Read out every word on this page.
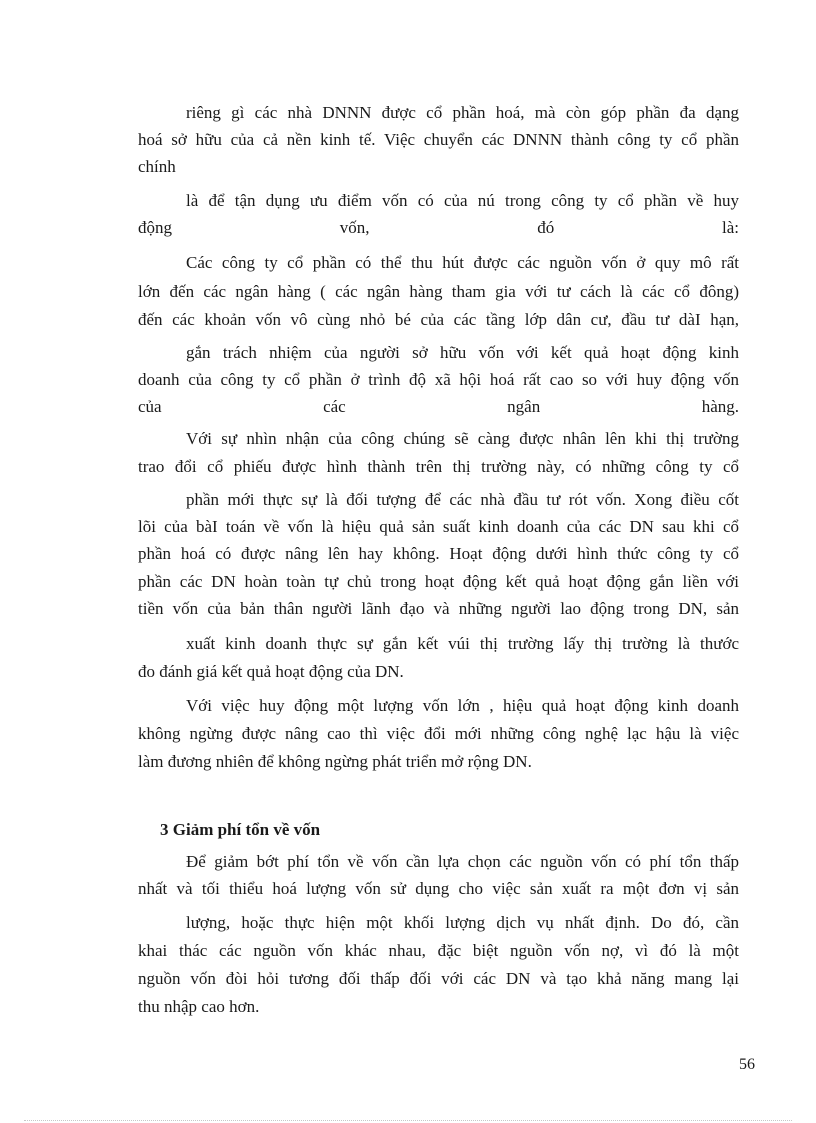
riêng gì các nhà DNNN được cổ phần hoá, mà còn góp phần đa dạng
hoá sở hữu của cả nền kinh tế. Việc chuyển các DNNN thành công ty cổ phần
chính
là để tận dụng ưu điểm vốn có của nú trong công ty cổ phần về huy
động vốn, đó là:
Các công ty cổ phần có thể thu hút được các nguồn vốn ở quy mô rất
lớn đến các ngân hàng ( các ngân hàng tham gia với tư cách là các cổ đông)
đến các khoản vốn vô cùng nhỏ bé của các tầng lớp dân cư, đầu tư dàI hạn,
gắn trách nhiệm của người sở hữu vốn với kết quả hoạt động kinh
doanh của công ty cổ phần ở trình độ xã hội hoá rất cao so với huy động vốn
của các ngân hàng.
Với sự nhìn nhận của công chúng sẽ càng được nhân lên khi thị trường
trao đổi cổ phiếu được hình thành trên thị trường này, có những công ty cổ
phần mới thực sự là đối tượng để các nhà đầu tư rót vốn. Xong điều cốt
lõi của bàI toán về vốn là hiệu quả sản suất kinh doanh của các DN sau khi cổ
phần hoá có được nâng lên hay không. Hoạt động dưới hình thức công ty cổ
phần các DN hoàn toàn tự chủ trong hoạt động kết quả hoạt động gắn liền với
tiền vốn của bản thân người lãnh đạo và những người lao động trong DN, sản
xuất kinh doanh thực sự gắn kết vúi thị trường lấy thị trường là thước
đo đánh giá kết quả hoạt động của DN.
Với việc huy động một lượng vốn lớn , hiệu quả hoạt động kinh doanh
không ngừng được nâng cao thì việc đổi mới những công nghệ lạc hậu là việc
làm đương nhiên để không ngừng phát triển mở rộng DN.
3 Giảm phí tổn về vốn
Để giảm bớt phí tổn về vốn cần lựa chọn các nguồn vốn có phí tổn thấp
nhất và tối thiểu hoá lượng vốn sử dụng cho việc sản xuất ra một đơn vị sản
lượng, hoặc thực hiện một khối lượng dịch vụ nhất định. Do đó, cần
khai thác các nguồn vốn khác nhau, đặc biệt nguồn vốn nợ, vì đó là một
nguồn vốn đòi hỏi tương đối thấp đối với các DN và tạo khả năng mang lại
thu nhập cao hơn.
56
